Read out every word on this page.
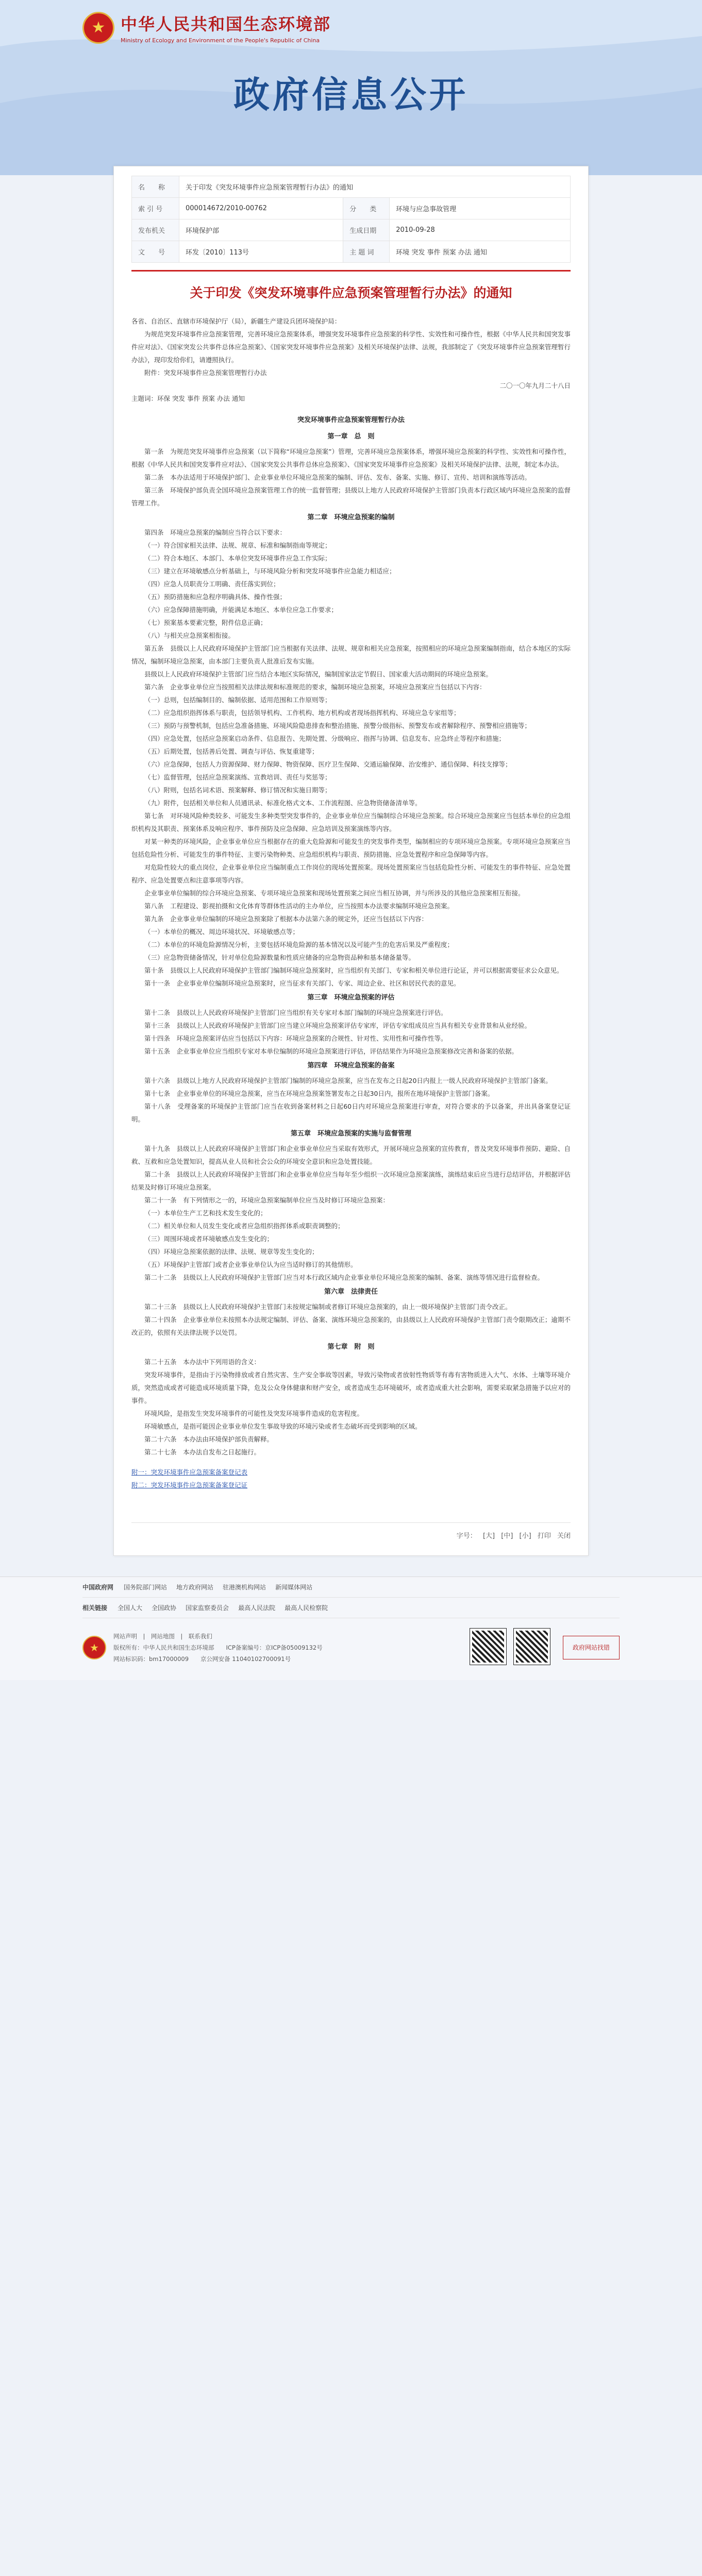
★ 中华人民共和国生态环境部
Ministry of Ecology and Environment of the People's Republic of China
政府信息公开
名　　称	关于印发《突发环境事件应急预案管理暂行办法》的通知		
索 引 号	000014672/2010-00762	分　　类	环境与应急事故管理
发布机关	环境保护部	生成日期	2010-09-28
文　　号	环发〔2010〕113号	主 题 词	环境 突发 事件 预案 办法 通知
关于印发《突发环境事件应急预案管理暂行办法》的通知
各省、自治区、直辖市环境保护厅（局），新疆生产建设兵团环境保护局：
为规范突发环境事件应急预案管理，完善环境应急预案体系，增强突发环境事件应急预案的科学性、实效性和可操作性，根据《中华人民共和国突发事件应对法》、《国家突发公共事件总体应急预案》、《国家突发环境事件应急预案》及相关环境保护法律、法规，我部制定了《突发环境事件应急预案管理暂行办法》，现印发给你们，请遵照执行。
附件：突发环境事件应急预案管理暂行办法
二〇一〇年九月二十八日
主题词：环保 突发 事件 预案 办法 通知
突发环境事件应急预案管理暂行办法
第一章　总　则
第一条　为规范突发环境事件应急预案（以下简称“环境应急预案”）管理，完善环境应急预案体系，增强环境应急预案的科学性、实效性和可操作性，根据《中华人民共和国突发事件应对法》、《国家突发公共事件总体应急预案》、《国家突发环境事件应急预案》及相关环境保护法律、法规，制定本办法。
第二条　本办法适用于环境保护部门、企业事业单位环境应急预案的编制、评估、发布、备案、实施、修订、宣传、培训和演练等活动。
第三条　环境保护部负责全国环境应急预案管理工作的统一监督管理；县级以上地方人民政府环境保护主管部门负责本行政区域内环境应急预案的监督管理工作。
第二章　环境应急预案的编制
第四条　环境应急预案的编制应当符合以下要求：
（一）符合国家相关法律、法规、规章、标准和编制指南等规定；
（二）符合本地区、本部门、本单位突发环境事件应急工作实际；
（三）建立在环境敏感点分析基础上，与环境风险分析和突发环境事件应急能力相适应；
（四）应急人员职责分工明确、责任落实到位；
（五）预防措施和应急程序明确具体、操作性强；
（六）应急保障措施明确，并能满足本地区、本单位应急工作要求；
（七）预案基本要素完整，附件信息正确；
（八）与相关应急预案相衔接。
第五条　县级以上人民政府环境保护主管部门应当根据有关法律、法规、规章和相关应急预案，按照相应的环境应急预案编制指南，结合本地区的实际情况，编制环境应急预案，由本部门主要负责人批准后发布实施。
县级以上人民政府环境保护主管部门应当结合本地区实际情况，编制国家法定节假日、国家重大活动期间的环境应急预案。
第六条　企业事业单位应当按照相关法律法规和标准规范的要求，编制环境应急预案，环境应急预案应当包括以下内容：
（一）总则，包括编制目的、编制依据、适用范围和工作原则等；
（二）应急组织指挥体系与职责，包括领导机构、工作机构、地方机构或者现场指挥机构、环境应急专家组等；
（三）预防与预警机制，包括应急准备措施、环境风险隐患排查和整治措施、预警分级指标、预警发布或者解除程序、预警相应措施等；
（四）应急处置，包括应急预案启动条件、信息报告、先期处置、分级响应、指挥与协调、信息发布、应急终止等程序和措施；
（五）后期处置，包括善后处置、调查与评估、恢复重建等；
（六）应急保障，包括人力资源保障、财力保障、物资保障、医疗卫生保障、交通运输保障、治安维护、通信保障、科技支撑等；
（七）监督管理，包括应急预案演练、宣教培训、责任与奖惩等；
（八）附则，包括名词术语、预案解释、修订情况和实施日期等；
（九）附件，包括相关单位和人员通讯录、标准化格式文本、工作流程图、应急物资储备清单等。
第七条　对环境风险种类较多、可能发生多种类型突发事件的，企业事业单位应当编制综合环境应急预案。综合环境应急预案应当包括本单位的应急组织机构及其职责、预案体系及响应程序、事件预防及应急保障、应急培训及预案演练等内容。
对某一种类的环境风险，企业事业单位应当根据存在的重大危险源和可能发生的突发事件类型，编制相应的专项环境应急预案。专项环境应急预案应当包括危险性分析、可能发生的事件特征、主要污染物种类、应急组织机构与职责、预防措施、应急处置程序和应急保障等内容。
对危险性较大的重点岗位，企业事业单位应当编制重点工作岗位的现场处置预案。现场处置预案应当包括危险性分析、可能发生的事件特征、应急处置程序、应急处置要点和注意事项等内容。
企业事业单位编制的综合环境应急预案、专项环境应急预案和现场处置预案之间应当相互协调，并与所涉及的其他应急预案相互衔接。
第八条　工程建设、影视拍摄和文化体育等群体性活动的主办单位，应当按照本办法要求编制环境应急预案。
第九条　企业事业单位编制的环境应急预案除了根据本办法第六条的规定外，还应当包括以下内容：
（一）本单位的概况、周边环境状况、环境敏感点等；
（二）本单位的环境危险源情况分析，主要包括环境危险源的基本情况以及可能产生的危害后果及严重程度；
（三）应急物资储备情况，针对单位危险源数量和性质应储备的应急物资品种和基本储备量等。
第十条　县级以上人民政府环境保护主管部门编制环境应急预案时，应当组织有关部门、专家和相关单位进行论证，并可以根据需要征求公众意见。
第十一条　企业事业单位编制环境应急预案时，应当征求有关部门、专家、周边企业、社区和居民代表的意见。
第三章　环境应急预案的评估
第十二条　县级以上人民政府环境保护主管部门应当组织有关专家对本部门编制的环境应急预案进行评估。
第十三条　县级以上人民政府环境保护主管部门应当建立环境应急预案评估专家库，评估专家组成员应当具有相关专业背景和从业经验。
第十四条　环境应急预案评估应当包括以下内容：环境应急预案的合规性、针对性、实用性和可操作性等。
第十五条　企业事业单位应当组织专家对本单位编制的环境应急预案进行评估，评估结果作为环境应急预案修改完善和备案的依据。
第四章　环境应急预案的备案
第十六条　县级以上地方人民政府环境保护主管部门编制的环境应急预案，应当在发布之日起20日内报上一级人民政府环境保护主管部门备案。
第十七条　企业事业单位的环境应急预案，应当在环境应急预案签署发布之日起30日内，报所在地环境保护主管部门备案。
第十八条　受理备案的环境保护主管部门应当在收到备案材料之日起60日内对环境应急预案进行审查，对符合要求的予以备案，并出具备案登记证明。
第五章　环境应急预案的实施与监督管理
第十九条　县级以上人民政府环境保护主管部门和企业事业单位应当采取有效形式，开展环境应急预案的宣传教育，普及突发环境事件预防、避险、自救、互救和应急处置知识，提高从业人员和社会公众的环境安全意识和应急处置技能。
第二十条　县级以上人民政府环境保护主管部门和企业事业单位应当每年至少组织一次环境应急预案演练，演练结束后应当进行总结评估，并根据评估结果及时修订环境应急预案。
第二十一条　有下列情形之一的，环境应急预案编制单位应当及时修订环境应急预案：
（一）本单位生产工艺和技术发生变化的；
（二）相关单位和人员发生变化或者应急组织指挥体系或职责调整的；
（三）周围环境或者环境敏感点发生变化的；
（四）环境应急预案依据的法律、法规、规章等发生变化的；
（五）环境保护主管部门或者企业事业单位认为应当适时修订的其他情形。
第二十二条　县级以上人民政府环境保护主管部门应当对本行政区域内企业事业单位环境应急预案的编制、备案、演练等情况进行监督检查。
第六章　法律责任
第二十三条　县级以上人民政府环境保护主管部门未按规定编制或者修订环境应急预案的，由上一级环境保护主管部门责令改正。
第二十四条　企业事业单位未按照本办法规定编制、评估、备案、演练环境应急预案的，由县级以上人民政府环境保护主管部门责令限期改正；逾期不改正的，依照有关法律法规予以处罚。
第七章　附　则
第二十五条　本办法中下列用语的含义：
突发环境事件，是指由于污染物排放或者自然灾害、生产安全事故等因素，导致污染物或者放射性物质等有毒有害物质进入大气、水体、土壤等环境介质，突然造成或者可能造成环境质量下降，危及公众身体健康和财产安全，或者造成生态环境破坏，或者造成重大社会影响，需要采取紧急措施予以应对的事件。
环境风险，是指发生突发环境事件的可能性及突发环境事件造成的危害程度。
环境敏感点，是指可能因企业事业单位发生事故导致的环境污染或者生态破坏而受到影响的区域。
第二十六条　本办法由环境保护部负责解释。
第二十七条　本办法自发布之日起施行。
附一：突发环境事件应急预案备案登记表
附二：突发环境事件应急预案备案登记证
字号： [大] [中] [小] 打印 关闭
中国政府网 国务院部门网站 地方政府网站 驻港澳机构网站 新闻媒体网站
相关链接 全国人大 全国政协 国家监察委员会 最高人民法院 最高人民检察院
★
网站声明　|　网站地图　|　联系我们
版权所有：中华人民共和国生态环境部　　ICP备案编号：京ICP备05009132号
网站标识码：bm17000009　　京公网安备 11040102700091号
政府网站找错
